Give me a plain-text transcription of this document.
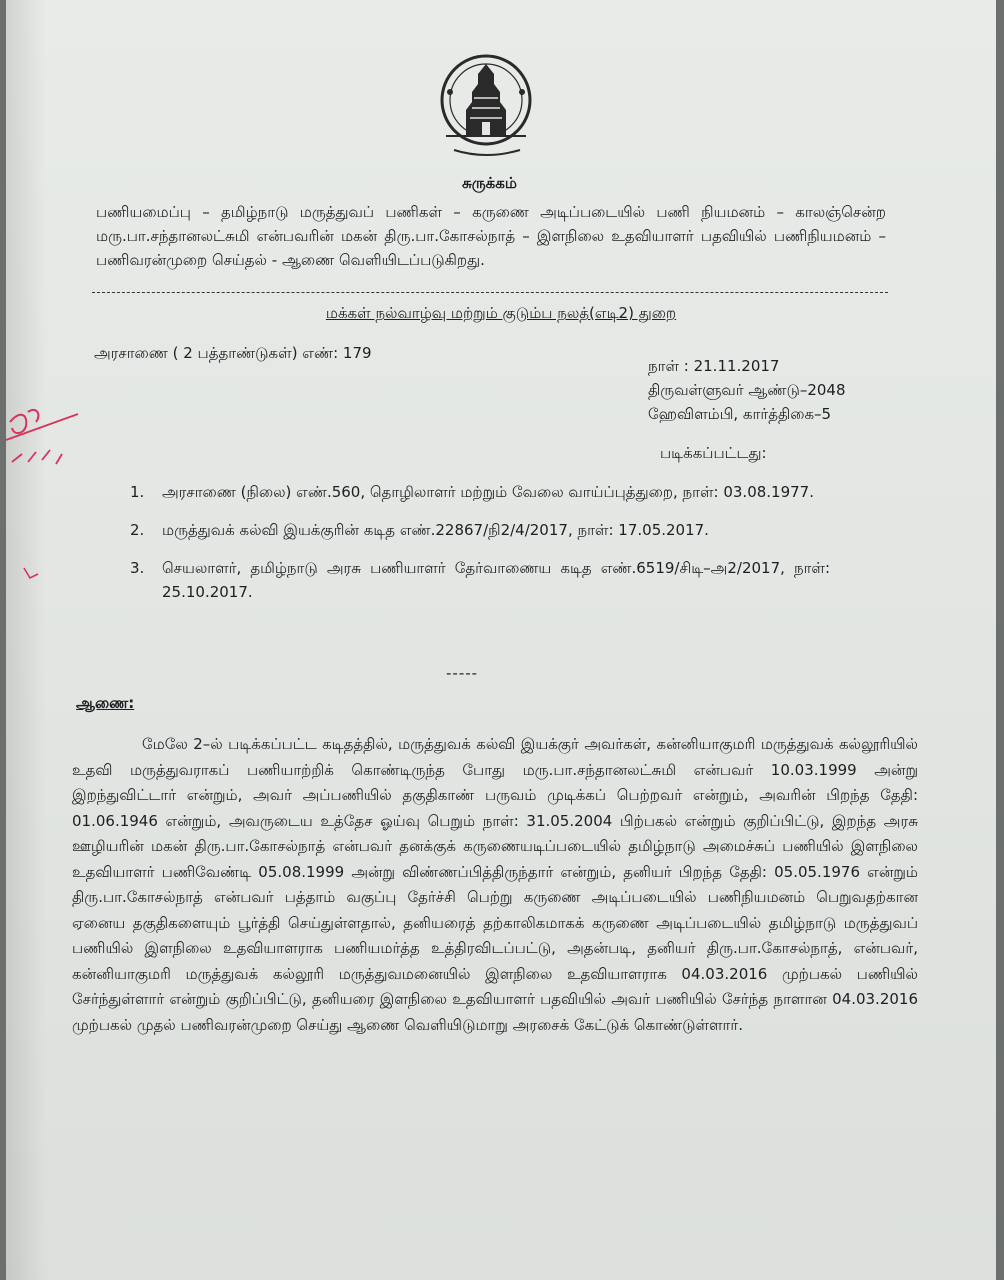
சுருக்கம்
பணியமைப்பு – தமிழ்நாடு மருத்துவப் பணிகள் – கருணை அடிப்படையில் பணி நியமனம் – காலஞ்சென்ற மரு.பா.சந்தானலட்சுமி என்பவரின் மகன் திரு.பா.கோசல்நாத் – இளநிலை உதவியாளர் பதவியில் பணிநியமனம் – பணிவரன்முறை செய்தல் - ஆணை வெளியிடப்படுகிறது.
மக்கள் நல்வாழ்வு மற்றும் குடும்ப நலத்(எடி2) துறை
அரசாணை ( 2 பத்தாண்டுகள்) எண்: 179
நாள் : 21.11.2017
திருவள்ளுவர் ஆண்டு–2048
ஹேவிளம்பி, கார்த்திகை–5
படிக்கப்பட்டது:
1.	அரசாணை (நிலை) எண்.560, தொழிலாளர் மற்றும் வேலை வாய்ப்புத்துறை, நாள்: 03.08.1977.
2.	மருத்துவக் கல்வி இயக்குரின் கடித எண்.22867/நி2/4/2017, நாள்: 17.05.2017.
3.	செயலாளர், தமிழ்நாடு அரசு பணியாளர் தேர்வாணைய கடித எண்.6519/சிடி–அ2/2017, நாள்: 25.10.2017.
-----
ஆணை:
மேலே 2–ல் படிக்கப்பட்ட கடிதத்தில், மருத்துவக் கல்வி இயக்குர் அவர்கள், கன்னியாகுமரி மருத்துவக் கல்லூரியில் உதவி மருத்துவராகப் பணியாற்றிக் கொண்டிருந்த போது மரு.பா.சந்தானலட்சுமி என்பவர் 10.03.1999 அன்று இறந்துவிட்டார் என்றும், அவர் அப்பணியில் தகுதிகாண் பருவம் முடிக்கப் பெற்றவர் என்றும், அவரின் பிறந்த தேதி: 01.06.1946 என்றும், அவருடைய உத்தேச ஓய்வு பெறும் நாள்: 31.05.2004 பிற்பகல் என்றும் குறிப்பிட்டு, இறந்த அரசு ஊழியரின் மகன் திரு.பா.கோசல்நாத் என்பவர் தனக்குக் கருணையடிப்படையில் தமிழ்நாடு அமைச்சுப் பணியில் இளநிலை உதவியாளர் பணிவேண்டி 05.08.1999 அன்று விண்ணப்பித்திருந்தார் என்றும், தனியர் பிறந்த தேதி: 05.05.1976 என்றும் திரு.பா.கோசல்நாத் என்பவர் பத்தாம் வகுப்பு தேர்ச்சி பெற்று கருணை அடிப்படையில் பணிநியமனம் பெறுவதற்கான ஏனைய தகுதிகளையும் பூர்த்தி செய்துள்ளதால், தனியரைத் தற்காலிகமாகக் கருணை அடிப்படையில் தமிழ்நாடு மருத்துவப் பணியில் இளநிலை உதவியாளராக பணியமர்த்த உத்திரவிடப்பட்டு, அதன்படி, தனியர் திரு.பா.கோசல்நாத், என்பவர், கன்னியாகுமரி மருத்துவக் கல்லூரி மருத்துவமனையில் இளநிலை உதவியாளராக 04.03.2016 முற்பகல் பணியில் சேர்ந்துள்ளார் என்றும் குறிப்பிட்டு, தனியரை இளநிலை உதவியாளர் பதவியில் அவர் பணியில் சேர்ந்த நாளான 04.03.2016 முற்பகல் முதல் பணிவரன்முறை செய்து ஆணை வெளியிடுமாறு அரசைக் கேட்டுக் கொண்டுள்ளார்.
